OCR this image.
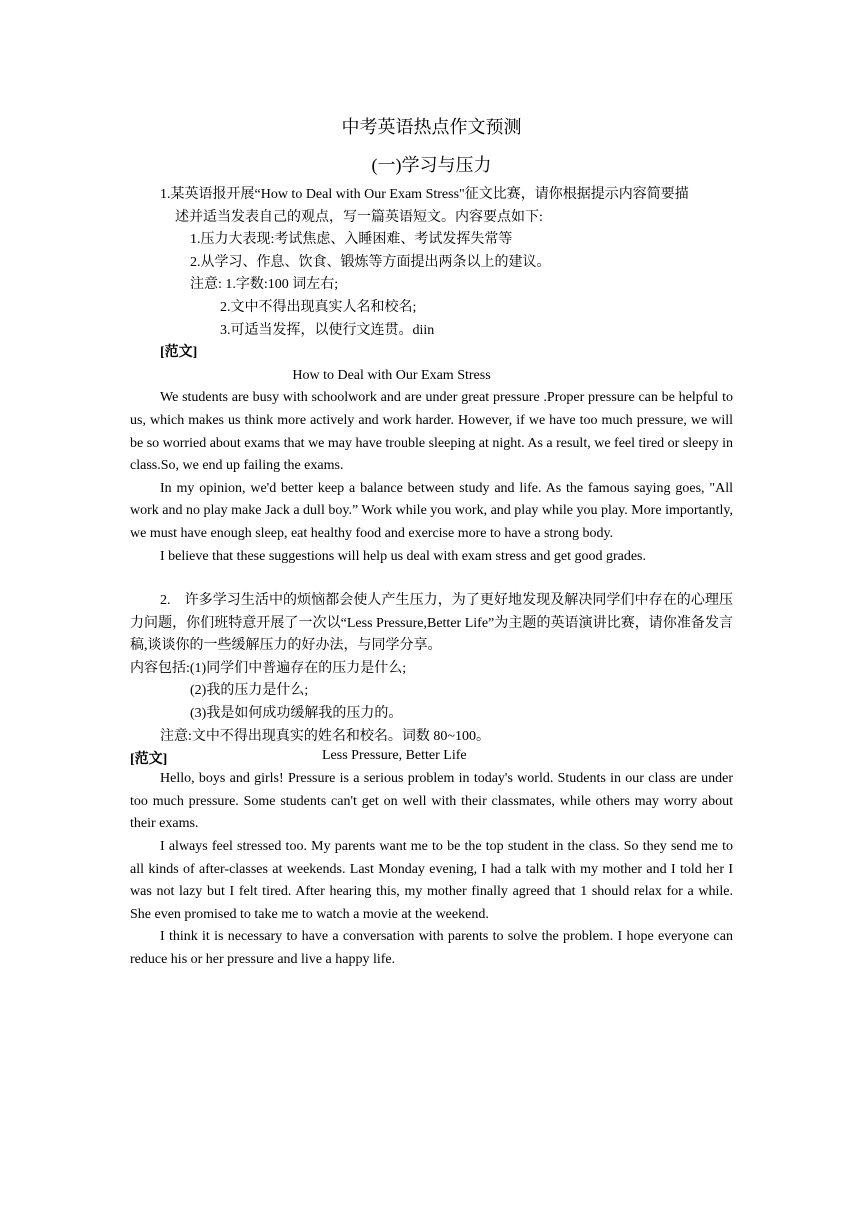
中考英语热点作文预测

(一)学习与压力

1.某英语报开展“How to Deal with Our Exam Stress"征文比赛，请你根据提示内容简要描

述并适当发表自己的观点，写一篇英语短文。内容要点如下:

1.压力大表现:考试焦虑、入睡困难、考试发挥失常等

2.从学习、作息、饮食、锻炼等方面提出两条以上的建议。

注意: 1.字数:100 词左右;

2.文中不得出现真实人名和校名;

3.可适当发挥，以使行文连贯。diin

[范文]

How to Deal with Our Exam Stress

We students are busy with schoolwork and are under great pressure .Proper pressure can be helpful to us, which makes us think more actively and work harder. However, if we have too much pressure, we will be so worried about exams that we may have trouble sleeping at night. As a result, we feel tired or sleepy in class.So, we end up failing the exams.

In my opinion, we'd better keep a balance between study and life. As the famous saying goes, "All work and no play make Jack a dull boy.” Work while you work, and play while you play. More importantly, we must have enough sleep, eat healthy food and exercise more to have a strong body.

I believe that these suggestions will help us deal with exam stress and get good grades.

2.　许多学习生活中的烦恼都会使人产生压力，为了更好地发现及解决同学们中存在的心理压力问题，你们班特意开展了一次以“Less Pressure,Better Life”为主题的英语演讲比赛，请你准备发言稿,谈谈你的一些缓解压力的好办法，与同学分享。

内容包括:(1)同学们中普遍存在的压力是什么;

(2)我的压力是什么;

(3)我是如何成功缓解我的压力的。

注意:文中不得出现真实的姓名和校名。词数 80~100。

[范文]	Less Pressure, Better Life

Hello, boys and girls! Pressure is a serious problem in today's world. Students in our class are under too much pressure. Some students can't get on well with their classmates, while others may worry about their exams.

I always feel stressed too. My parents want me to be the top student in the class. So they send me to all kinds of after-classes at weekends. Last Monday evening, I had a talk with my mother and I told her I was not lazy but I felt tired. After hearing this, my mother finally agreed that 1 should relax for a while. She even promised to take me to watch a movie at the weekend.

I think it is necessary to have a conversation with parents to solve the problem. I hope everyone can reduce his or her pressure and live a happy life.
